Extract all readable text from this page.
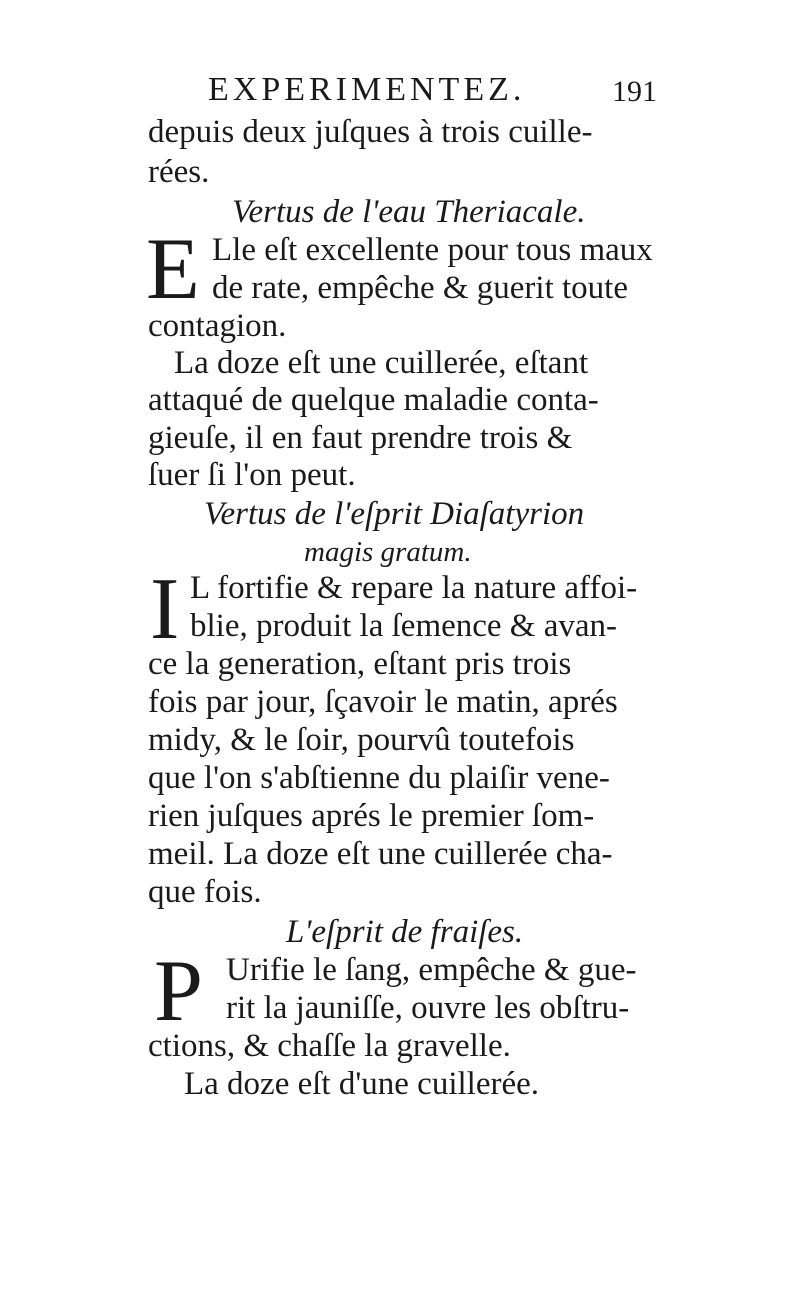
EXPERIMENTEZ.	191
depuis deux juſques à trois cuille-
rées.
Vertus de l'eau Theriacale.
E Lle eſt excellente pour tous maux
de rate, empêche & guerit toute
contagion.
La doze eſt une cuillerée, eſtant
attaqué de quelque maladie conta-
gieuſe, il en faut prendre trois &
ſuer ſi l'on peut.
Vertus de l'eſprit Diaſatyrion
magis gratum.
I L fortifie & repare la nature affoi-
blie, produit la ſemence & avan-
ce la generation, eſtant pris trois
fois par jour, ſçavoir le matin, aprés
midy, & le ſoir, pourvû toutefois
que l'on s'abſtienne du plaiſir vene-
rien juſques aprés le premier ſom-
meil. La doze eſt une cuillerée cha-
que fois.
L'eſprit de fraiſes.
P Urifie le ſang, empêche & gue-
rit la jauniſſe, ouvre les obſtru-
ctions, & chaſſe la gravelle.
La doze eſt d'une cuillerée.
